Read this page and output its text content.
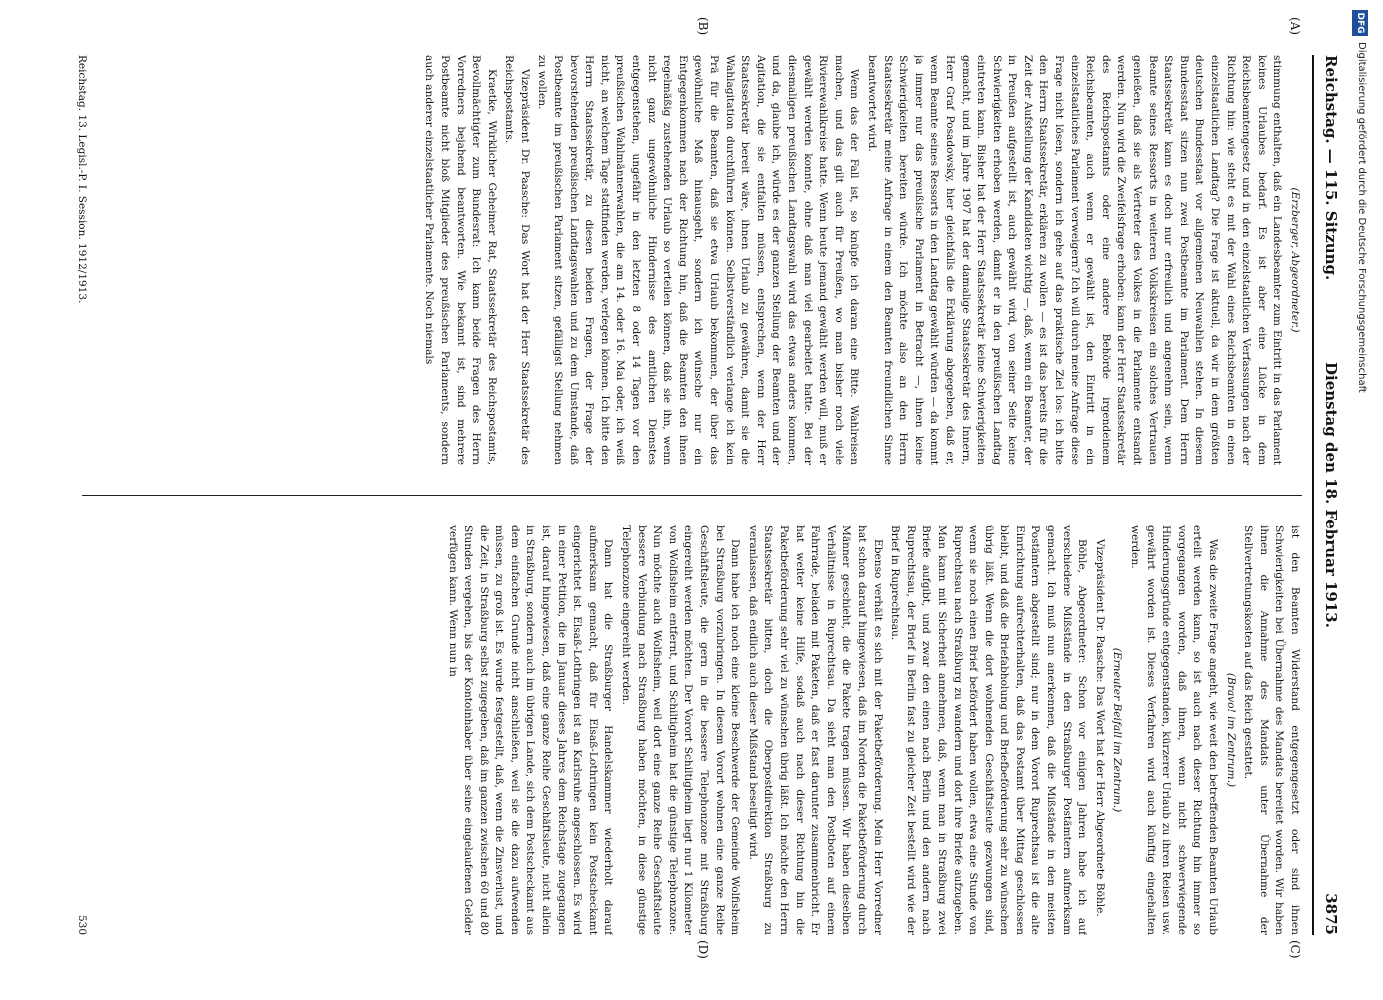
Reichstag. — 115. Sitzung.
Dienstag den 18. Februar 1913.
3875
(A)
(B)
(C)
(D)

(Erzberger, Abgeordneter.)

stimmung enthalten, daß ein Landesbeamter zum Eintritt in das Parlament keines Urlaubes bedarf. Es ist aber eine Lücke in dem Reichsbeamtengesetz und in den einzelstaatlichen Verfassungen nach der Richtung hin: wie steht es mit der Wahl eines Reichsbeamten in einen einzelstaatlichen Landtag? Die Frage ist aktuell, da wir in dem größten deutschen Bundesstaat vor allgemeinen Neuwahlen stehen. In diesem Bundesstaat sitzen nun zwei Postbeamte im Parlament. Dem Herrn Staatssekretär kann es doch nur erfreulich und angenehm sein, wenn Beamte seines Ressorts in weiteren Volkskreisen ein solches Vertrauen genießen, daß sie als Vertreter des Volkes in die Parlamente entsandt werden. Nun wird die Zweifelsfrage erhoben: kann der Herr Staatssekretär des Reichspostamts oder eine andere Behörde irgendeinem Reichsbeamten, auch wenn er gewählt ist, den Eintritt in ein einzelstaatliches Parlament verweigern? Ich will durch meine Anfrage diese Frage nicht lösen, sondern ich gehe auf das praktische Ziel los: ich bitte den Herrn Staatssekretär, erklären zu wollen — es ist das bereits für die Zeit der Aufstellung der Kandidaten wichtig —, daß, wenn ein Beamter, der in Preußen aufgestellt ist, auch gewählt wird, von seiner Seite keine Schwierigkeiten erhoben werden, damit er in den preußischen Landtag eintreten kann. Bisher hat der Herr Staatssekretär keine Schwierigkeiten gemacht, und im Jahre 1907 hat der damalige Staatssekretär des Innern, Herr Graf Posadowsky, hier gleichfalls die Erklärung abgegeben, daß er, wenn Beamte seines Ressorts in den Landtag gewählt würden — da kommt ja immer nur das preußische Parlament in Betracht —, ihnen keine Schwierigkeiten bereiten würde. Ich möchte also an den Herrn Staatssekretär meine Anfrage in einem den Beamten freundlichen Sinne beantwortet wird.

Wenn das der Fall ist, so knüpfe ich daran eine Bitte. Wahlreisen machen, und das gilt auch für Preußen, wo man bisher noch viele Rivierewahlkreise hatte. Wenn heute jemand gewählt werden will, muß er gewählt werden konnte, ohne daß man viel gearbeitet hatte. Bei der diesmaligen preußischen Landtagswahl wird das etwas anders kommen, und da, glaube ich, würde es der ganzen Stellung der Beamten und der Agitation, die sie entfalten müssen, entsprechen, wenn der Herr Staatssekretär bereit wäre, ihnen Urlaub zu gewähren, damit sie die Wahlagitation durchführen können. Selbstverständlich verlange ich kein Prä für die Beamten, daß sie etwa Urlaub bekommen, der über das gewöhnliche Maß hinausgeht, sondern ich wünsche nur ein Entgegenkommen nach der Richtung hin, daß die Beamten den ihnen regelmäßig zustehenden Urlaub so verteilen können, daß sie ihn, wenn nicht ganz ungewöhnliche Hindernisse des amtlichen Dienstes entgegenstehen, ungefähr in den letzten 8 oder 14 Tagen vor den preußischen Wahlmännerwahlen, die am 14. oder 16. Mai oder, ich weiß nicht, an welchem Tage stattfinden werden, verlegen können. Ich bitte den Herrn Staatssekretär, zu diesen beiden Fragen, der Frage der bevorstehenden preußischen Landtagswahlen und zu dem Umstande, daß Postbeamte im preußischen Parlament sitzen, gefälligst Stellung nehmen zu wollen.

Vizepräsident Dr. Paasche: Das Wort hat der Herr Staatssekretär des Reichspostamts.

Kraetke, Wirklicher Geheimer Rat, Staatssekretär des Reichspostamts, Bevollmächtigter zum Bundesrat: Ich kann beide Fragen des Herrn Vorredners bejahend beantworten. Wie bekannt ist, sind mehrere Postbeamte nicht bloß Mitglieder des preußischen Parlaments, sondern auch anderer einzelstaatlicher Parlamente. Noch niemals

ist den Beamten Widerstand entgegengesetzt oder sind ihnen Schwierigkeiten bei Übernahme des Mandats bereitet worden. Wir haben ihnen die Annahme des Mandats unter Übernahme der Stellvertretungskosten auf das Reich gestattet.

(Bravo! im Zentrum.)

Was die zweite Frage angeht, wie weit den betreffenden Beamten Urlaub erteilt werden kann, so ist auch nach dieser Richtung hin immer so vorgegangen worden, daß ihnen, wenn nicht schwerwiegende Hinderungsgründe entgegenstanden, kürzerer Urlaub zu ihren Reisen usw. gewährt worden ist. Dieses Verfahren wird auch künftig eingehalten werden.

(Erneuter Beifall im Zentrum.)

Vizepräsident Dr. Paasche: Das Wort hat der Herr Abgeordnete Böhle.

Böhle, Abgeordneter: Schon vor einigen Jahren habe ich auf verschiedene Mißstände in den Straßburger Postämtern aufmerksam gemacht. Ich muß nun anerkennen, daß die Mißstände in den meisten Postämtern abgestellt sind; nur in dem Vorort Ruprechtsau ist die alte Einrichtung aufrechterhalten, daß das Postamt über Mittag geschlossen bleibt, und daß die Briefabholung und Briefbeförderung sehr zu wünschen übrig läßt. Wenn die dort wohnenden Geschäftsleute gezwungen sind, wenn sie noch einen Brief befördert haben wollen, etwa eine Stunde von Ruprechtsau nach Straßburg zu wandern und dort ihre Briefe aufzugeben. Man kann mit Sicherheit annehmen, daß, wenn man in Straßburg zwei Briefe aufgibt, und zwar den einen nach Berlin und den andern nach Ruprechtsau, der Brief in Berlin fast zu gleicher Zeit bestellt wird wie der Brief in Ruprechtsau.

Ebenso verhält es sich mit der Paketbeförderung. Mein Herr Vorredner hat schon darauf hingewiesen, daß im Norden die Paketbeförderung durch Männer geschieht, die die Pakete tragen müssen. Wir haben dieselben Verhältnisse in Ruprechtsau. Da sieht man den Postboten auf einem Fahrrade, beladen mit Paketen, daß er fast darunter zusammenbricht. Er hat weiter keine Hilfe, sodaß auch nach dieser Richtung hin die Paketbeförderung sehr viel zu wünschen übrig läßt. Ich möchte den Herrn Staatssekretär bitten, doch die Oberpostdirektion Straßburg zu veranlassen, daß endlich auch dieser Mißstand beseitigt wird.

Dann habe ich noch eine kleine Beschwerde der Gemeinde Wolfisheim bei Straßburg vorzubringen. In diesem Vorort wohnen eine ganze Reihe Geschäftsleute, die gern in die bessere Telephonzone mit Straßburg eingereiht werden möchten. Der Vorort Schiltigheim liegt nur 1 Kilometer von Wolfisheim entfernt, und Schiltigheim hat die günstige Telephonzone. Nun möchte auch Wolfisheim, weil dort eine ganze Reihe Geschäftsleute bessere Verbindung nach Straßburg haben möchten, in diese günstige Telephonzone eingereiht werden.

Dann hat die Straßburger Handelskammer wiederholt darauf aufmerksam gemacht, daß für Elsaß-Lothringen kein Postscheckamt eingerichtet ist. Elsaß-Lothringen ist an Karlsruhe angeschlossen. Es wird in einer Petition, die im Januar dieses Jahres dem Reichstage zugegangen ist, darauf hingewiesen, daß eine ganze Reihe Geschäftsleute, nicht allein in Straßburg, sondern auch im übrigen Lande, sich dem Postscheckamt aus dem einfachen Grunde nicht anschließen, weil sie die dazu aufwenden müssen, zu groß ist. Es wurde festgestellt, daß, wenn die Zinsverlust, und die Zeit, in Straßburg selbst zugegeben, daß im ganzen zwischen 60 und 80 Stunden vergehen, bis der Kontoinhaber über seine eingelaufenen Gelder verfügen kann. Wenn nun in

Reichstag. 13. Legisl.-P. I. Session. 1912/1913.
530
DFG
Digitalisierung gefördert durch die Deutsche Forschungsgemeinschaft
